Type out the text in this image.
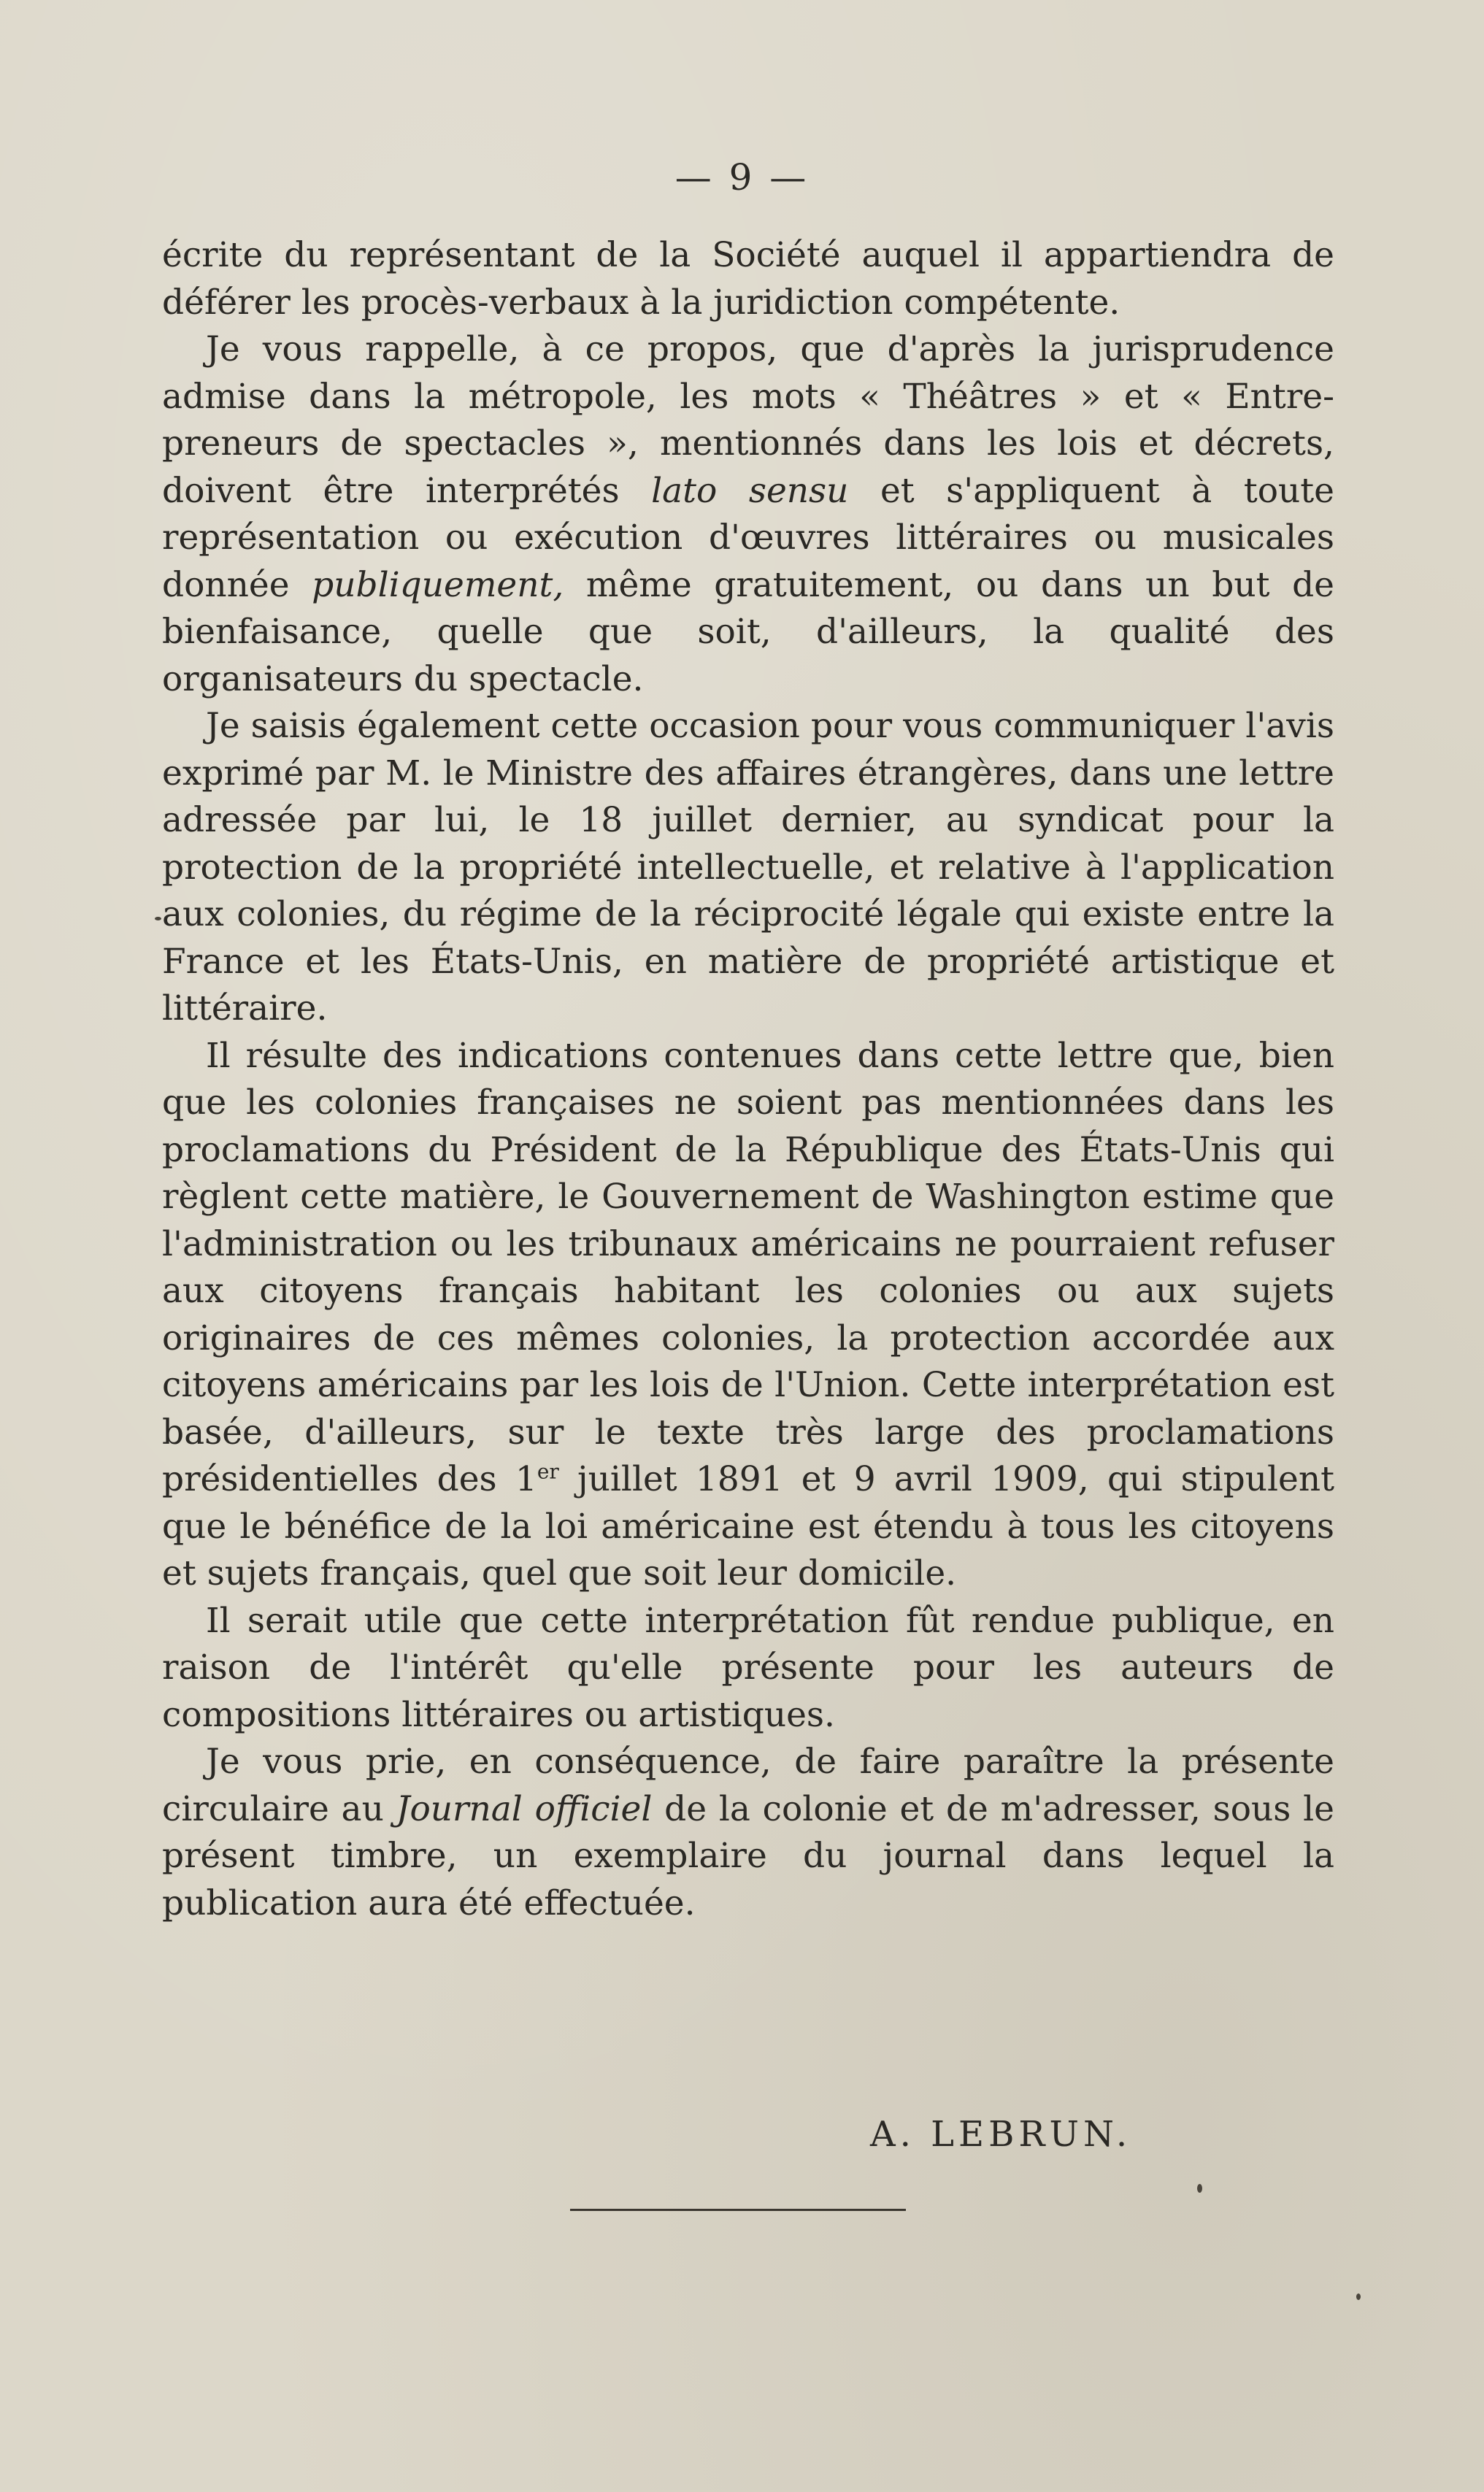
— 9 —

écrite du représentant de la Société auquel il appartiendra de déférer les procès-verbaux à la juridiction compétente.

Je vous rappelle, à ce propos, que d'après la jurisprudence admise dans la métropole, les mots « Théâtres » et « Entrepreneurs de spectacles », mentionnés dans les lois et décrets, doivent être interprétés lato sensu et s'appliquent à toute représentation ou exécution d'œuvres littéraires ou musicales donnée publiquement, même gratuitement, ou dans un but de bienfaisance, quelle que soit, d'ailleurs, la qualité des organisateurs du spectacle.

Je saisis également cette occasion pour vous communiquer l'avis exprimé par M. le Ministre des affaires étrangères, dans une lettre adressée par lui, le 18 juillet dernier, au syndicat pour la protection de la propriété intellectuelle, et relative à l'application aux colonies, du régime de la réciprocité légale qui existe entre la France et les États-Unis, en matière de propriété artistique et littéraire.

Il résulte des indications contenues dans cette lettre que, bien que les colonies françaises ne soient pas mentionnées dans les proclamations du Président de la République des États-Unis qui règlent cette matière, le Gouvernement de Washington estime que l'administration ou les tribunaux américains ne pourraient refuser aux citoyens français habitant les colonies ou aux sujets originaires de ces mêmes colonies, la protection accordée aux citoyens américains par les lois de l'Union. Cette interprétation est basée, d'ailleurs, sur le texte très large des proclamations présidentielles des 1er juillet 1891 et 9 avril 1909, qui stipulent que le bénéfice de la loi américaine est étendu à tous les citoyens et sujets français, quel que soit leur domicile.

Il serait utile que cette interprétation fût rendue publique, en raison de l'intérêt qu'elle présente pour les auteurs de compositions littéraires ou artistiques.

Je vous prie, en conséquence, de faire paraître la présente circulaire au Journal officiel de la colonie et de m'adresser, sous le présent timbre, un exemplaire du journal dans lequel la publication aura été effectuée.

A. LEBRUN.
